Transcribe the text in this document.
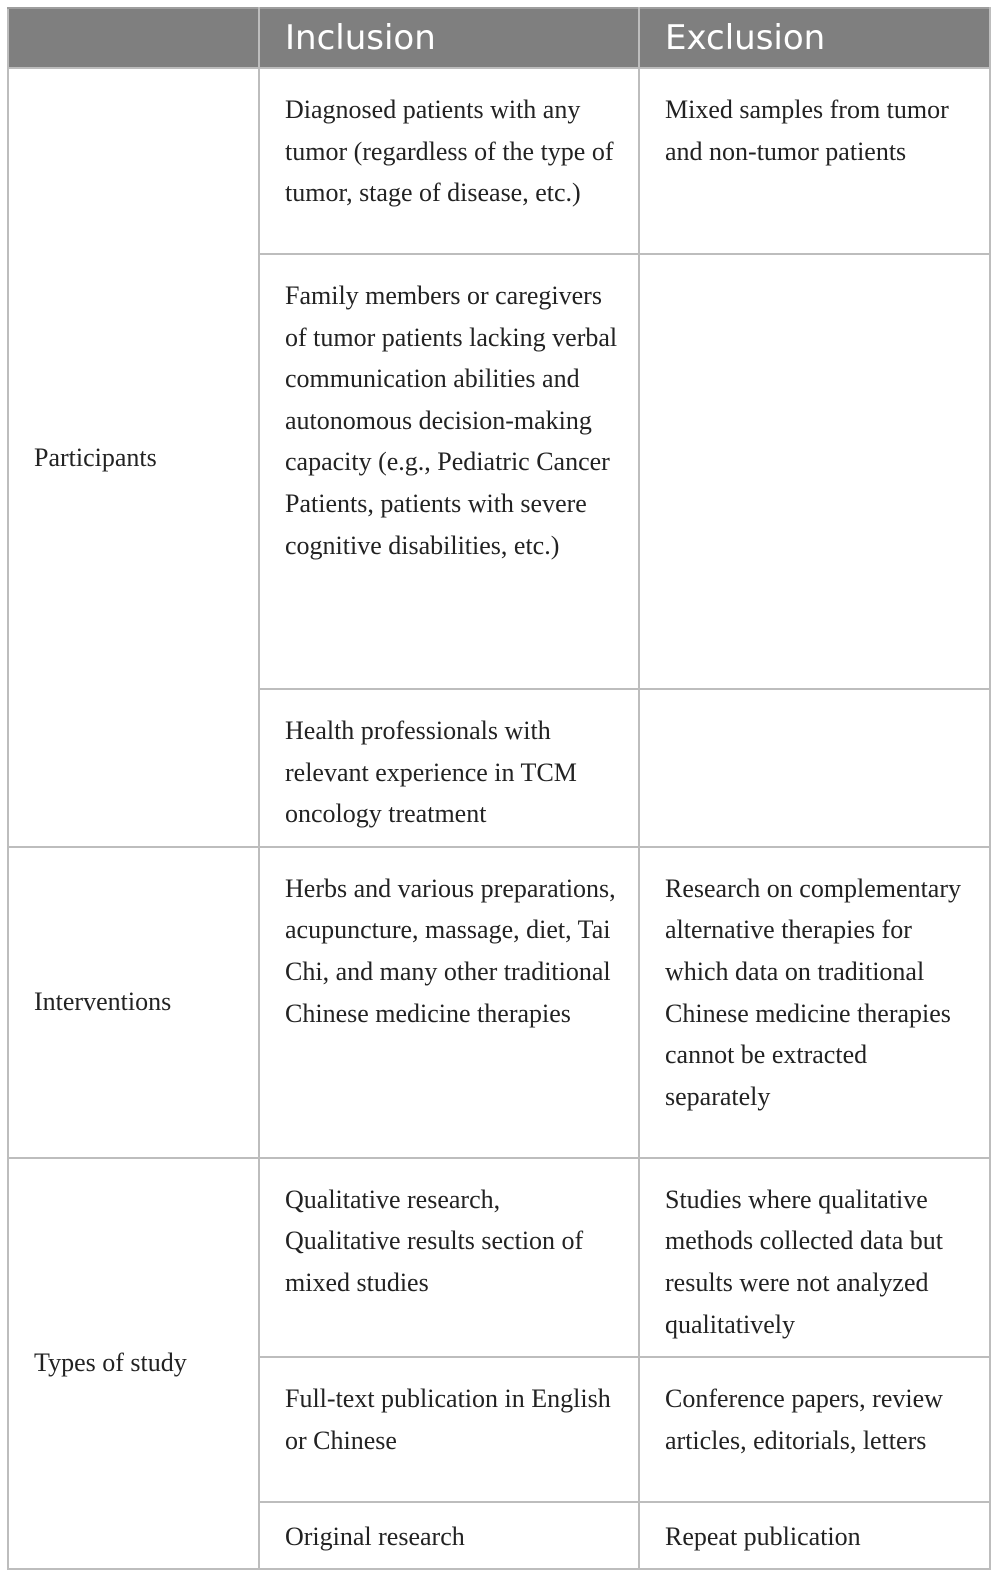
	Inclusion	Exclusion
Participants	Diagnosed patients with any tumor (regardless of the type of tumor, stage of disease, etc.)	Mixed samples from tumor and non-tumor patients
	Family members or caregivers of tumor patients lacking verbal communication abilities and autonomous decision-making capacity (e.g., Pediatric Cancer Patients, patients with severe cognitive disabilities, etc.)	
	Health professionals with relevant experience in TCM oncology treatment	
Interventions	Herbs and various preparations, acupuncture, massage, diet, Tai Chi, and many other traditional Chinese medicine therapies	Research on complementary alternative therapies for which data on traditional Chinese medicine therapies cannot be extracted separately
Types of study	Qualitative research, Qualitative results section of mixed studies	Studies where qualitative methods collected data but results were not analyzed qualitatively
	Full-text publication in English or Chinese	Conference papers, review articles, editorials, letters
	Original research	Repeat publication
